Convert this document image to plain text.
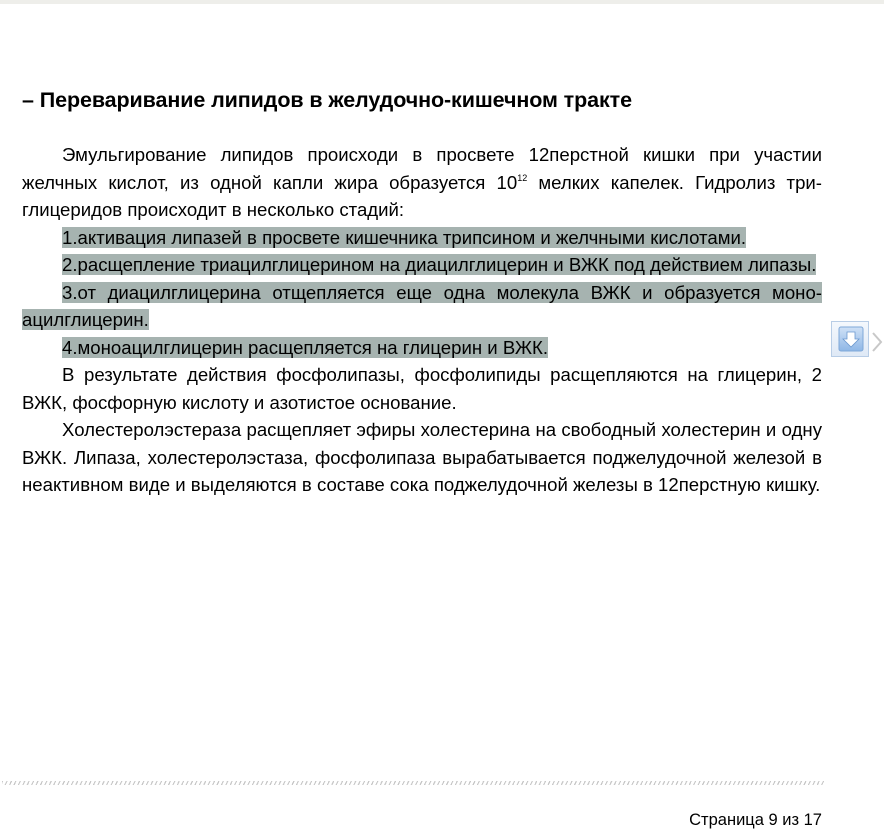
– Переваривание липидов в желудочно-кишечном тракте

Эмульгирование липидов происходи в просвете 12перстной кишки при участии желчных кислот, из одной капли жира образуется $10^{12}$ мелких капелек. Гидролиз триглицеридов происходит в несколько стадий:

1.активация липазей в просвете кишечника трипсином и желчными кислотами.

2.расщепление триацилглицерином на диацилглицерин и ВЖК под действием липазы.

3.от диацилглицерина отщепляется еще одна молекула ВЖК и образуется моноацилглицерин.

4.моноацилглицерин расщепляется на глицерин и ВЖК.

В результате действия фосфолипазы, фосфолипиды расщепляются на глицерин, 2 ВЖК, фосфорную кислоту и азотистое основание.

Холестеролэстераза расщепляет эфиры холестерина на свободный холестерин и одну ВЖК. Липаза, холестеролэстаза, фосфолипаза вырабатывается поджелудочной железой в неактивном виде и выделяются в составе сока поджелудочной железы в 12перстную кишку.

Страница 9 из 17
